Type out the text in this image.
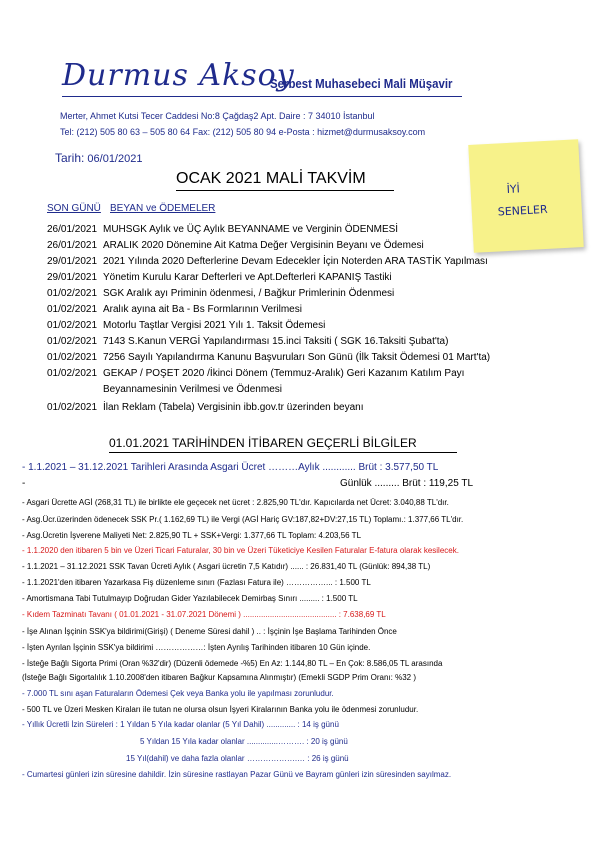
Durmus Aksoy
Serbest Muhasebeci Mali Müşavir
Merter, Ahmet Kutsi Tecer Caddesi No:8 Çağdaş2 Apt. Daire : 7 34010 İstanbul
Tel: (212) 505 80 63 – 505 80 64 Fax: (212) 505 80 94 e-Posta : hizmet@durmusaksoy.com
Tarih: 06/01/2021
OCAK 2021 MALİ TAKVİM
İYİ
SENELER
SON GÜNÜ BEYAN ve ÖDEMELER
26/01/2021 MUHSGK Aylık ve ÜÇ Aylık BEYANNAME ve Verginin ÖDENMESİ
26/01/2021 ARALIK 2020 Dönemine Ait Katma Değer Vergisinin Beyanı ve Ödemesi
29/01/2021 2021 Yılında 2020 Defterlerine Devam Edecekler İçin Noterden ARA TASTİK Yapılması
29/01/2021 Yönetim Kurulu Karar Defterleri ve Apt.Defterleri KAPANIŞ Tastiki
01/02/2021 SGK Aralık ayı Priminin ödenmesi, / Bağkur Primlerinin Ödenmesi
01/02/2021 Aralık ayına ait Ba - Bs Formlarının Verilmesi
01/02/2021 Motorlu Taştlar Vergisi 2021 Yılı 1. Taksit Ödemesi
01/02/2021 7143 S.Kanun VERGİ Yapılandırması 15.inci Taksiti ( SGK 16.Taksiti Şubat'ta)
01/02/2021 7256 Sayılı Yapılandırma Kanunu Başvuruları Son Günü (İlk Taksit Ödemesi 01 Mart'ta)
01/02/2021 GEKAP / POŞET 2020 /İkinci Dönem (Temmuz-Aralık) Geri Kazanım Katılım Payı
Beyannamesinin Verilmesi ve Ödenmesi
01/02/2021 İlan Reklam (Tabela) Vergisinin ibb.gov.tr üzerinden beyanı
01.01.2021 TARİHİNDEN İTİBAREN GEÇERLİ BİLGİLER
- 1.1.2021 – 31.12.2021 Tarihleri Arasında Asgari Ücret ………Aylık ............ Brüt : 3.577,50 TL
-	Günlük ......... Brüt : 119,25 TL
- Asgari Ücrette AGİ (268,31 TL) ile birlikte ele geçecek net ücret : 2.825,90 TL'dır. Kapıcılarda net Ücret: 3.040,88 TL'dır.
- Asg.Ücr.üzerinden ödenecek SSK Pr.( 1.162,69 TL) ile Vergi (AGİ Hariç GV:187,82+DV:27,15 TL) Toplamı.: 1.377,66 TL'dır.
- Asg.Ücretin İşverene Maliyeti Net: 2.825,90 TL + SSK+Vergi: 1.377,66 TL Toplam: 4.203,56 TL
- 1.1.2020 den itibaren 5 bin ve Üzeri Ticari Faturalar, 30 bin ve Üzeri Tüketiciye Kesilen Faturalar E-fatura olarak kesilecek.
- 1.1.2021 – 31.12.2021 SSK Tavan Ücreti Aylık ( Asgari ücretin 7,5 Katıdır) ...... : 26.831,40 TL (Günlük: 894,38 TL)
- 1.1.2021'den itibaren Yazarkasa Fiş düzenleme sınırı (Fazlası Fatura ile) ……………... : 1.500 TL
- Amortismana Tabi Tutulmayıp Doğrudan Gider Yazılabilecek Demirbaş Sınırı ......... : 1.500 TL
- Kıdem Tazminatı Tavanı ( 01.01.2021 - 31.07.2021 Dönemi ) .......................................... : 7.638,69 TL
- İşe Alınan İşçinin SSK'ya bildirimi(Girişi) ( Deneme Süresi dahil ) .. : İşçinin İşe Başlama Tarihinden Önce
- İşten Ayrılan İşçinin SSK'ya bildirimi ………………: İşten Ayrılış Tarihinden itibaren 10 Gün içinde.
- İsteğe Bağlı Sigorta Primi (Oran %32'dir) (Düzenli ödemede -%5) En Az: 1.144,80 TL – En Çok: 8.586,05 TL arasında
(İsteğe Bağlı Sigortalılık 1.10.2008'den itibaren Bağkur Kapsamına Alınmıştır) (Emekli SGDP Prim Oranı: %32 )
- 7.000 TL sını aşan Faturaların Ödemesi Çek veya Banka yolu ile yapılması zorunludur.
- 500 TL ve Üzeri Mesken Kiraları ile tutan ne olursa olsun İşyeri Kiralarının Banka yolu ile ödenmesi zorunludur.
- Yıllık Ücretli İzin Süreleri : 1 Yıldan 5 Yıla kadar olanlar (5 Yıl Dahil) ............. : 14 iş günü
5 Yıldan 15 Yıla kadar olanlar ..............………. : 20 iş günü
15 Yıl(dahil) ve daha fazla olanlar ……………….… : 26 iş günü
- Cumartesi günleri izin süresine dahildir. İzin süresine rastlayan Pazar Günü ve Bayram günleri izin süresinden sayılmaz.
